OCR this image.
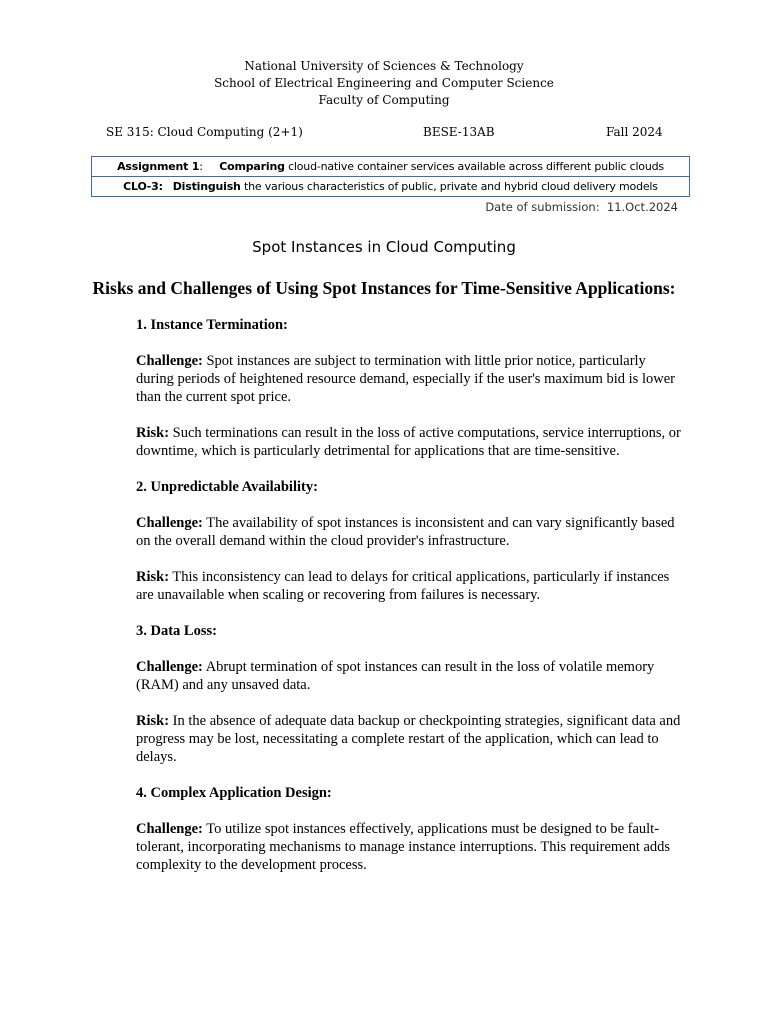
National University of Sciences & Technology
School of Electrical Engineering and Computer Science
Faculty of Computing
SE 315: Cloud Computing (2+1)	BESE-13AB	Fall 2024
Assignment 1: Comparing cloud-native container services available across different public clouds
CLO-3: Distinguish the various characteristics of public, private and hybrid cloud delivery models
Date of submission: 11.Oct.2024
Spot Instances in Cloud Computing
Risks and Challenges of Using Spot Instances for Time-Sensitive Applications:

1. Instance Termination:

Challenge: Spot instances are subject to termination with little prior notice, particularly during periods of heightened resource demand, especially if the user's maximum bid is lower than the current spot price.

Risk: Such terminations can result in the loss of active computations, service interruptions, or downtime, which is particularly detrimental for applications that are time-sensitive.

2. Unpredictable Availability:

Challenge: The availability of spot instances is inconsistent and can vary significantly based on the overall demand within the cloud provider's infrastructure.

Risk: This inconsistency can lead to delays for critical applications, particularly if instances are unavailable when scaling or recovering from failures is necessary.

3. Data Loss:

Challenge: Abrupt termination of spot instances can result in the loss of volatile memory (RAM) and any unsaved data.

Risk: In the absence of adequate data backup or checkpointing strategies, significant data and progress may be lost, necessitating a complete restart of the application, which can lead to delays.

4. Complex Application Design:

Challenge: To utilize spot instances effectively, applications must be designed to be fault-tolerant, incorporating mechanisms to manage instance interruptions. This requirement adds complexity to the development process.
